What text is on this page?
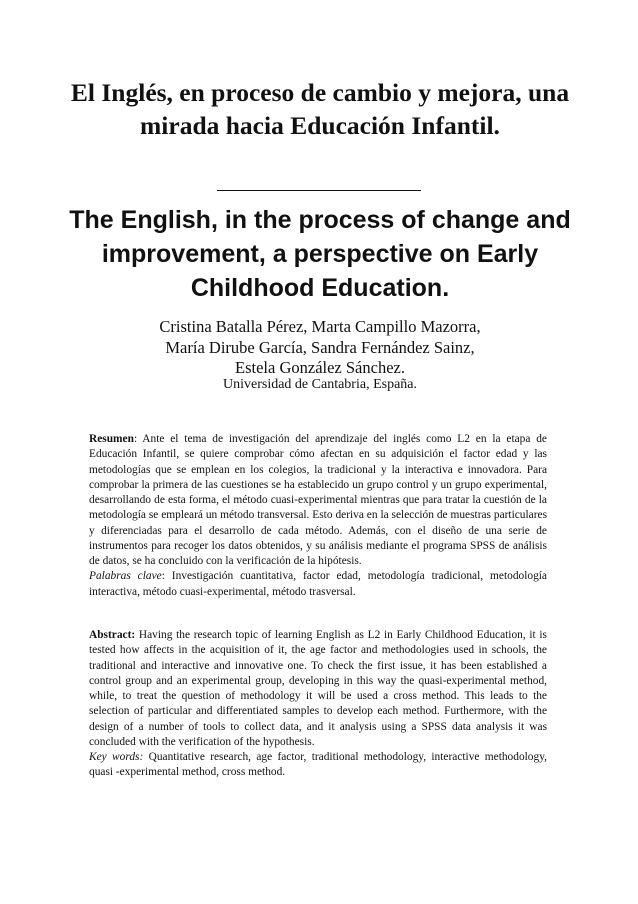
El Inglés, en proceso de cambio y mejora, una mirada hacia Educación Infantil.
The English, in the process of change and improvement, a perspective on Early Childhood Education.
Cristina Batalla Pérez, Marta Campillo Mazorra,
María Dirube García, Sandra Fernández Sainz,
Estela González Sánchez.
Universidad de Cantabria, España.

Resumen: Ante el tema de investigación del aprendizaje del inglés como L2 en la etapa de Educación Infantil, se quiere comprobar cómo afectan en su adquisición el factor edad y las metodologías que se emplean en los colegios, la tradicional y la interactiva e innovadora. Para comprobar la primera de las cuestiones se ha establecido un grupo control y un grupo experimental, desarrollando de esta forma, el método cuasi-experimental mientras que para tratar la cuestión de la metodología se empleará un método transversal. Esto deriva en la selección de muestras particulares y diferenciadas para el desarrollo de cada método. Además, con el diseño de una serie de instrumentos para recoger los datos obtenidos, y su análisis mediante el programa SPSS de análisis de datos, se ha concluido con la verificación de la hipótesis.

Palabras clave: Investigación cuantitativa, factor edad, metodología tradicional, metodología interactiva, método cuasi-experimental, método trasversal.

Abstract: Having the research topic of learning English as L2 in Early Childhood Education, it is tested how affects in the acquisition of it, the age factor and methodologies used in schools, the traditional and interactive and innovative one. To check the first issue, it has been established a control group and an experimental group, developing in this way the quasi-experimental method, while, to treat the question of methodology it will be used a cross method. This leads to the selection of particular and differentiated samples to develop each method. Furthermore, with the design of a number of tools to collect data, and it analysis using a SPSS data analysis it was concluded with the verification of the hypothesis.

Key words: Quantitative research, age factor, traditional methodology, interactive methodology, quasi -experimental method, cross method.
